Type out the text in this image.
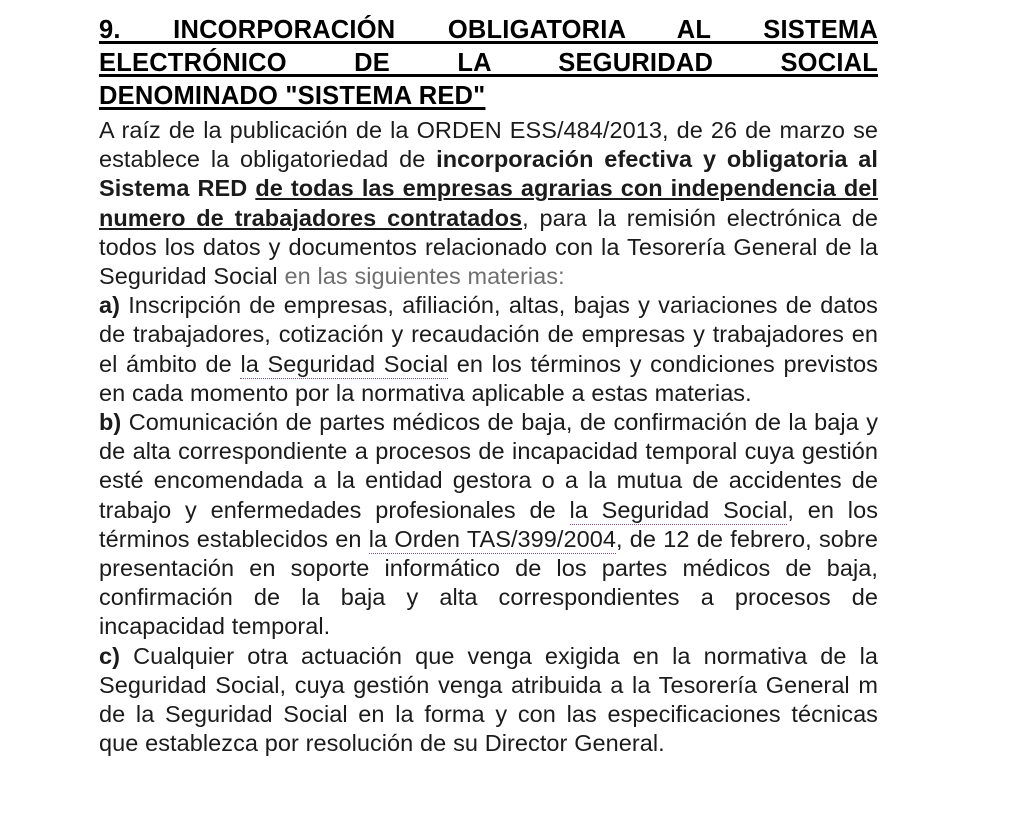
9. INCORPORACIÓN OBLIGATORIA AL SISTEMA
ELECTRÓNICO DE LA SEGURIDAD SOCIAL
DENOMINADO "SISTEMA RED"

A raíz de la publicación de la ORDEN ESS/484/2013, de 26 de marzo se establece la obligatoriedad de incorporación efectiva y obligatoria al Sistema RED de todas las empresas agrarias con independencia del numero de trabajadores contratados, para la remisión electrónica de todos los datos y documentos relacionado con la Tesorería General de la Seguridad Social en las siguientes materias:

a) Inscripción de empresas, afiliación, altas, bajas y variaciones de datos de trabajadores, cotización y recaudación de empresas y trabajadores en el ámbito de la Seguridad Social en los términos y condiciones previstos en cada momento por la normativa aplicable a estas materias.

b) Comunicación de partes médicos de baja, de confirmación de la baja y de alta correspondiente a procesos de incapacidad temporal cuya gestión esté encomendada a la entidad gestora o a la mutua de accidentes de trabajo y enfermedades profesionales de la Seguridad Social, en los términos establecidos en la Orden TAS/399/2004, de 12 de febrero, sobre presentación en soporte informático de los partes médicos de baja, confirmación de la baja y alta correspondientes a procesos de incapacidad temporal.

c) Cualquier otra actuación que venga exigida en la normativa de la Seguridad Social, cuya gestión venga atribuida a la Tesorería General m de la Seguridad Social en la forma y con las especificaciones técnicas que establezca por resolución de su Director General.
